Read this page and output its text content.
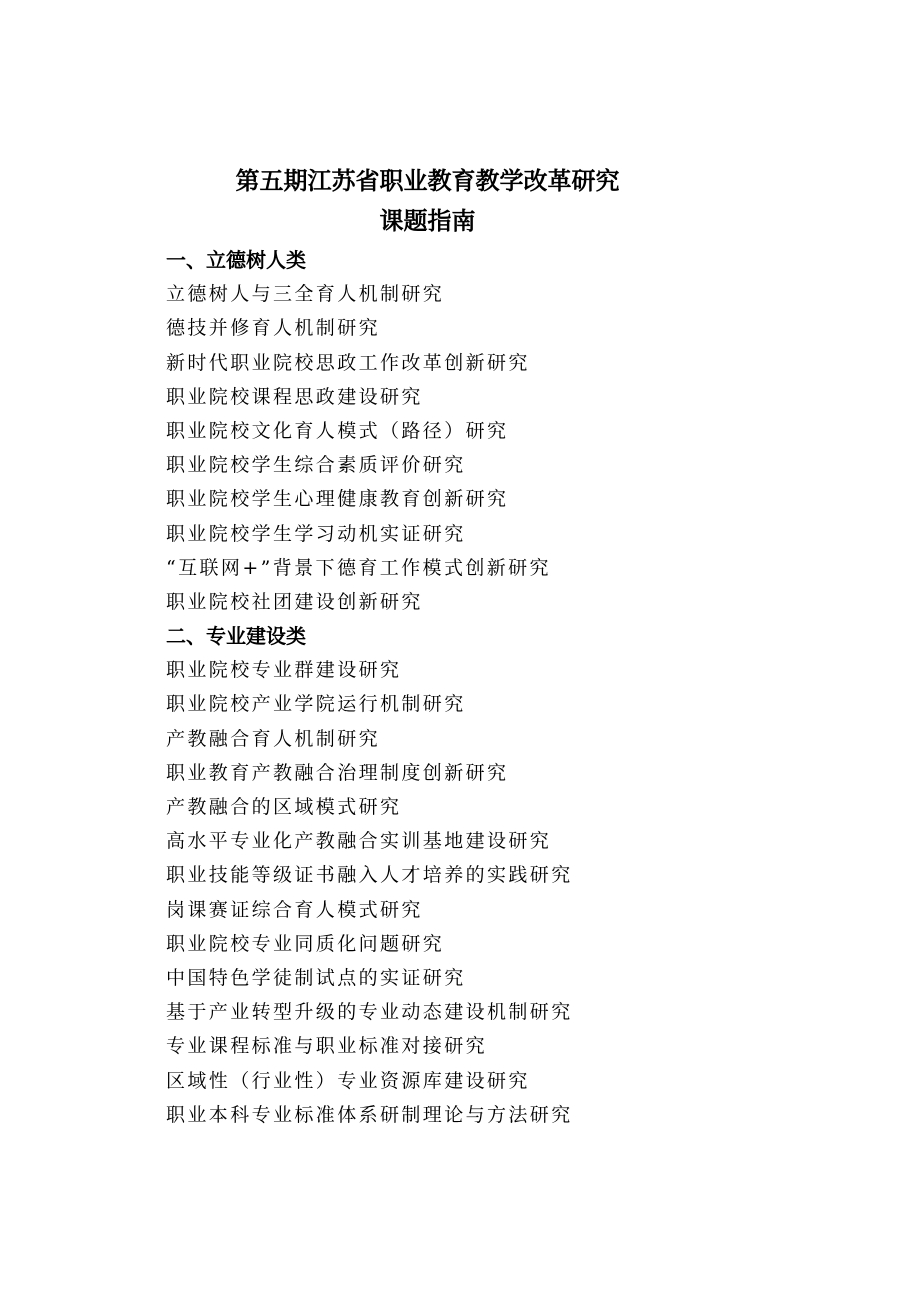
第五期江苏省职业教育教学改革研究
课题指南
一、立德树人类
立德树人与三全育人机制研究
德技并修育人机制研究
新时代职业院校思政工作改革创新研究
职业院校课程思政建设研究
职业院校文化育人模式（路径）研究
职业院校学生综合素质评价研究
职业院校学生心理健康教育创新研究
职业院校学生学习动机实证研究
“互联网+”背景下德育工作模式创新研究
职业院校社团建设创新研究
二、专业建设类
职业院校专业群建设研究
职业院校产业学院运行机制研究
产教融合育人机制研究
职业教育产教融合治理制度创新研究
产教融合的区域模式研究
高水平专业化产教融合实训基地建设研究
职业技能等级证书融入人才培养的实践研究
岗课赛证综合育人模式研究
职业院校专业同质化问题研究
中国特色学徒制试点的实证研究
基于产业转型升级的专业动态建设机制研究
专业课程标准与职业标准对接研究
区域性（行业性）专业资源库建设研究
职业本科专业标准体系研制理论与方法研究
